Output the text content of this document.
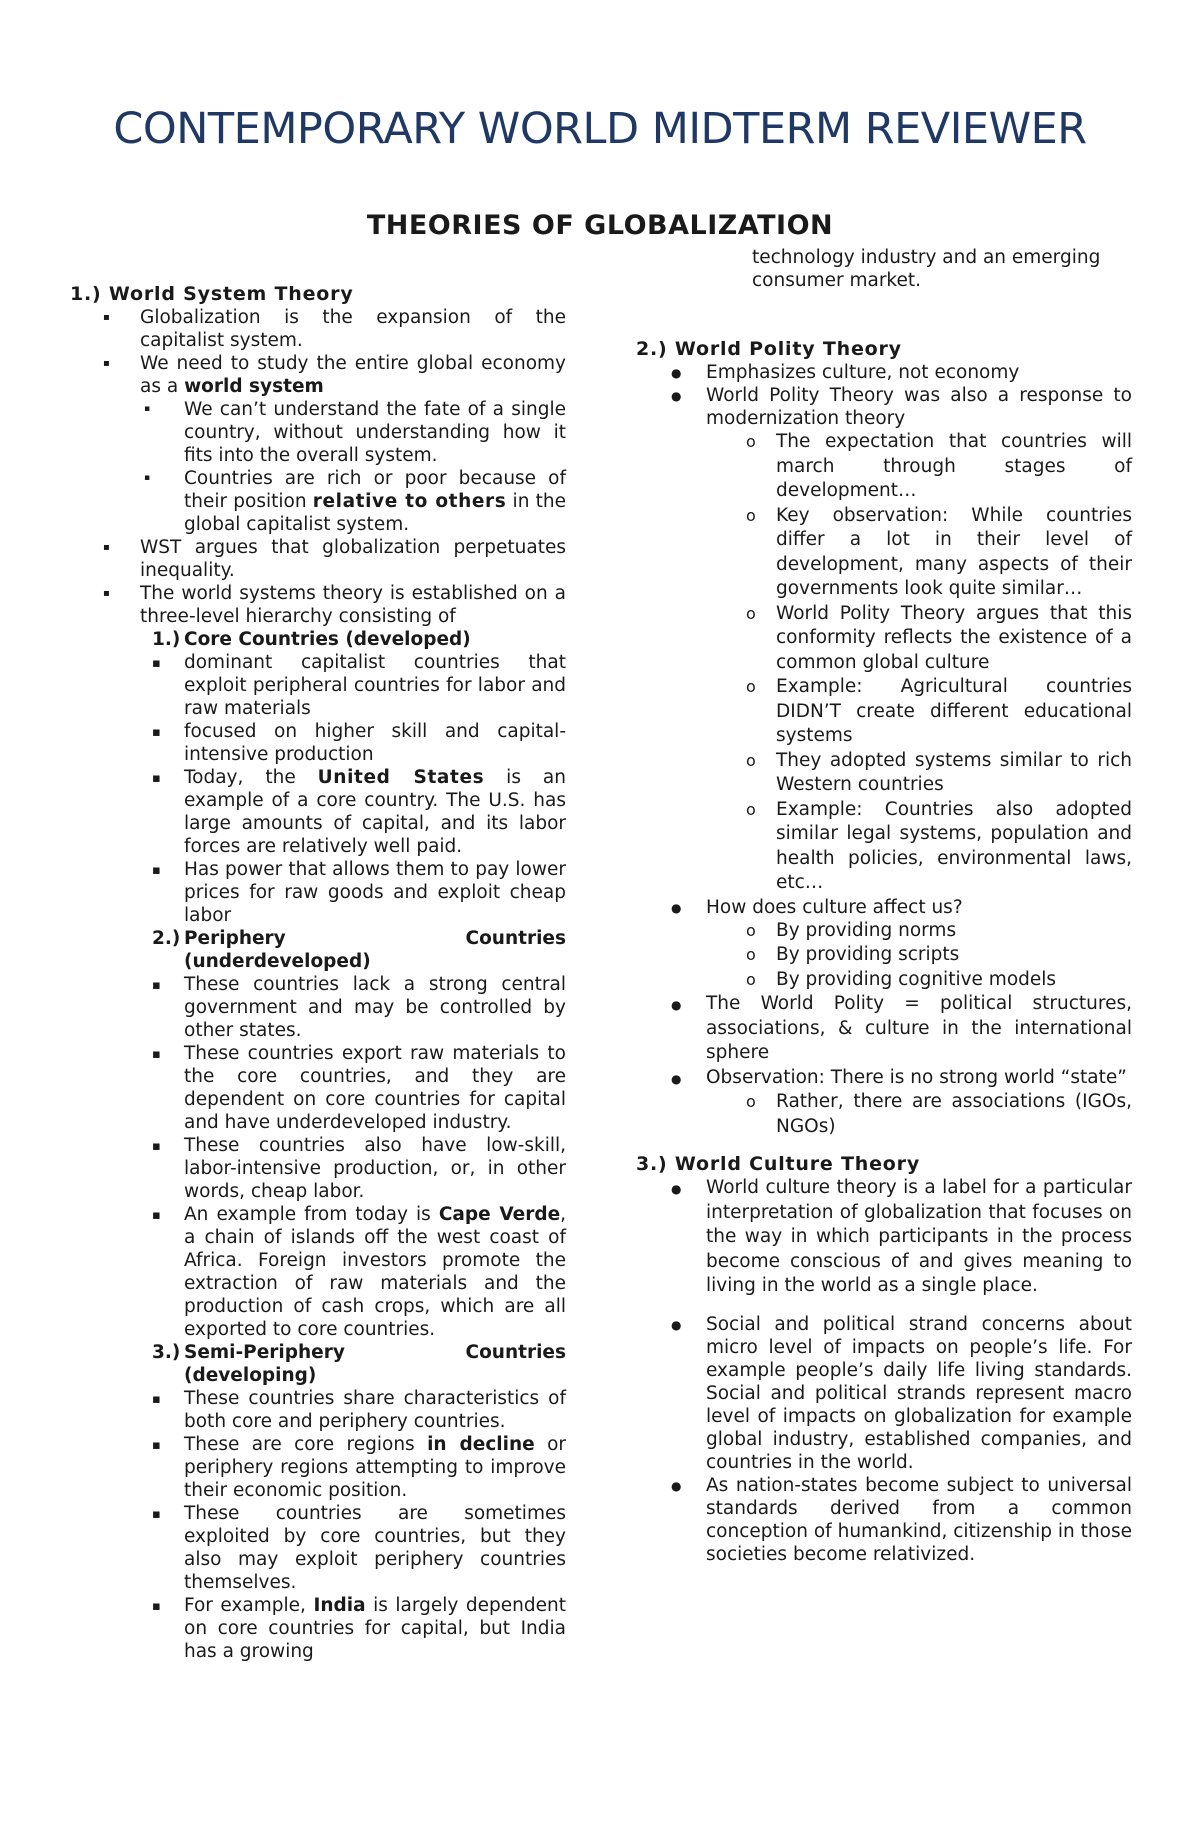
CONTEMPORARY WORLD MIDTERM REVIEWER
THEORIES OF GLOBALIZATION
1.) World System Theory
▪ Globalization is the expansion of the capitalist system.
▪ We need to study the entire global economy as a world system
▪ We can’t understand the fate of a single country, without understanding how it fits into the overall system.
▪ Countries are rich or poor because of their position relative to others in the global capitalist system.
▪ WST argues that globalization perpetuates inequality.
▪ The world systems theory is established on a three-level hierarchy consisting of
1.) Core Countries (developed)
▪ dominant capitalist countries that exploit peripheral countries for labor and raw materials
▪ focused on higher skill and capital-intensive production
▪ Today, the United States is an example of a core country. The U.S. has large amounts of capital, and its labor forces are relatively well paid.
▪ Has power that allows them to pay lower prices for raw goods and exploit cheap labor
2.) Periphery Countries (underdeveloped)
▪ These countries lack a strong central government and may be controlled by other states.
▪ These countries export raw materials to the core countries, and they are dependent on core countries for capital and have underdeveloped industry.
▪ These countries also have low-skill, labor-intensive production, or, in other words, cheap labor.
▪ An example from today is Cape Verde, a chain of islands off the west coast of Africa. Foreign investors promote the extraction of raw materials and the production of cash crops, which are all exported to core countries.
3.) Semi-Periphery Countries (developing)
▪ These countries share characteristics of both core and periphery countries.
▪ These are core regions in decline or periphery regions attempting to improve their economic position.
▪ These countries are sometimes exploited by core countries, but they also may exploit periphery countries themselves.
▪ For example, India is largely dependent on core countries for capital, but India has a growing
technology industry and an emerging consumer market.
2.) World Polity Theory
● Emphasizes culture, not economy
● World Polity Theory was also a response to modernization theory
o The expectation that countries will march through stages of development…
o Key observation: While countries differ a lot in their level of development, many aspects of their governments look quite similar…
o World Polity Theory argues that this conformity reflects the existence of a common global culture
o Example: Agricultural countries DIDN’T create different educational systems
o They adopted systems similar to rich Western countries
o Example: Countries also adopted similar legal systems, population and health policies, environmental laws, etc…
● How does culture affect us?
o By providing norms
o By providing scripts
o By providing cognitive models
● The World Polity = political structures, associations, & culture in the international sphere
● Observation: There is no strong world “state”
o Rather, there are associations (IGOs, NGOs)
3.) World Culture Theory
● World culture theory is a label for a particular interpretation of globalization that focuses on the way in which participants in the process become conscious of and gives meaning to living in the world as a single place.
● Social and political strand concerns about micro level of impacts on people’s life. For example people’s daily life living standards. Social and political strands represent macro level of impacts on globalization for example global industry, established companies, and countries in the world.
● As nation-states become subject to universal standards derived from a common conception of humankind, citizenship in those societies become relativized.
